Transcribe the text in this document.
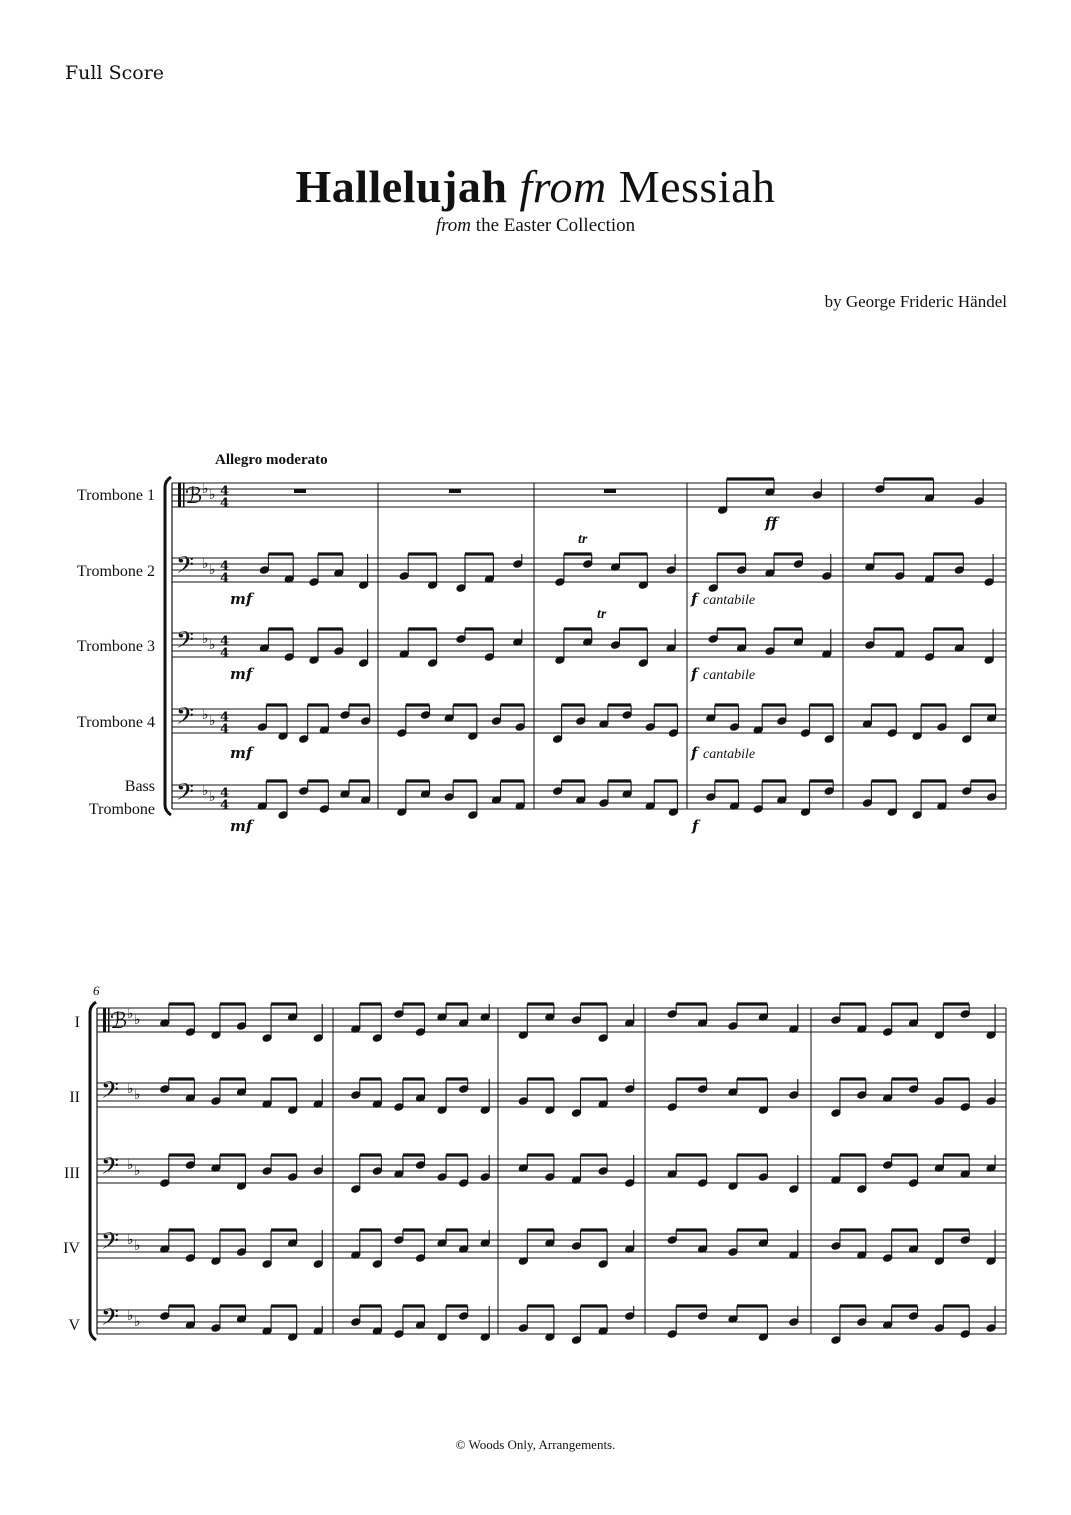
Full Score
Hallelujah from Messiah
from the Easter Collection
by George Frideric Händel
Allegro moderato
Trombone 1
Trombone 2
Trombone 3
Trombone 4
Bass
Trombone
ff
mf	f cantabile
mf	f cantabile
mf	f cantabile
mf	f
tr
tr
6
I
II
III
IV
V
ℬ ♭ ♭ 4
4
𝄢 ♭ ♭ 4
4
𝄢 ♭ ♭ 4
4
𝄢 ♭ ♭ 4
4
𝄢 ♭ ♭ 4
4
ℬ ♭ ♭
𝄢 ♭ ♭
𝄢 ♭ ♭
𝄢 ♭ ♭
𝄢 ♭ ♭
© Woods Only, Arrangements.
